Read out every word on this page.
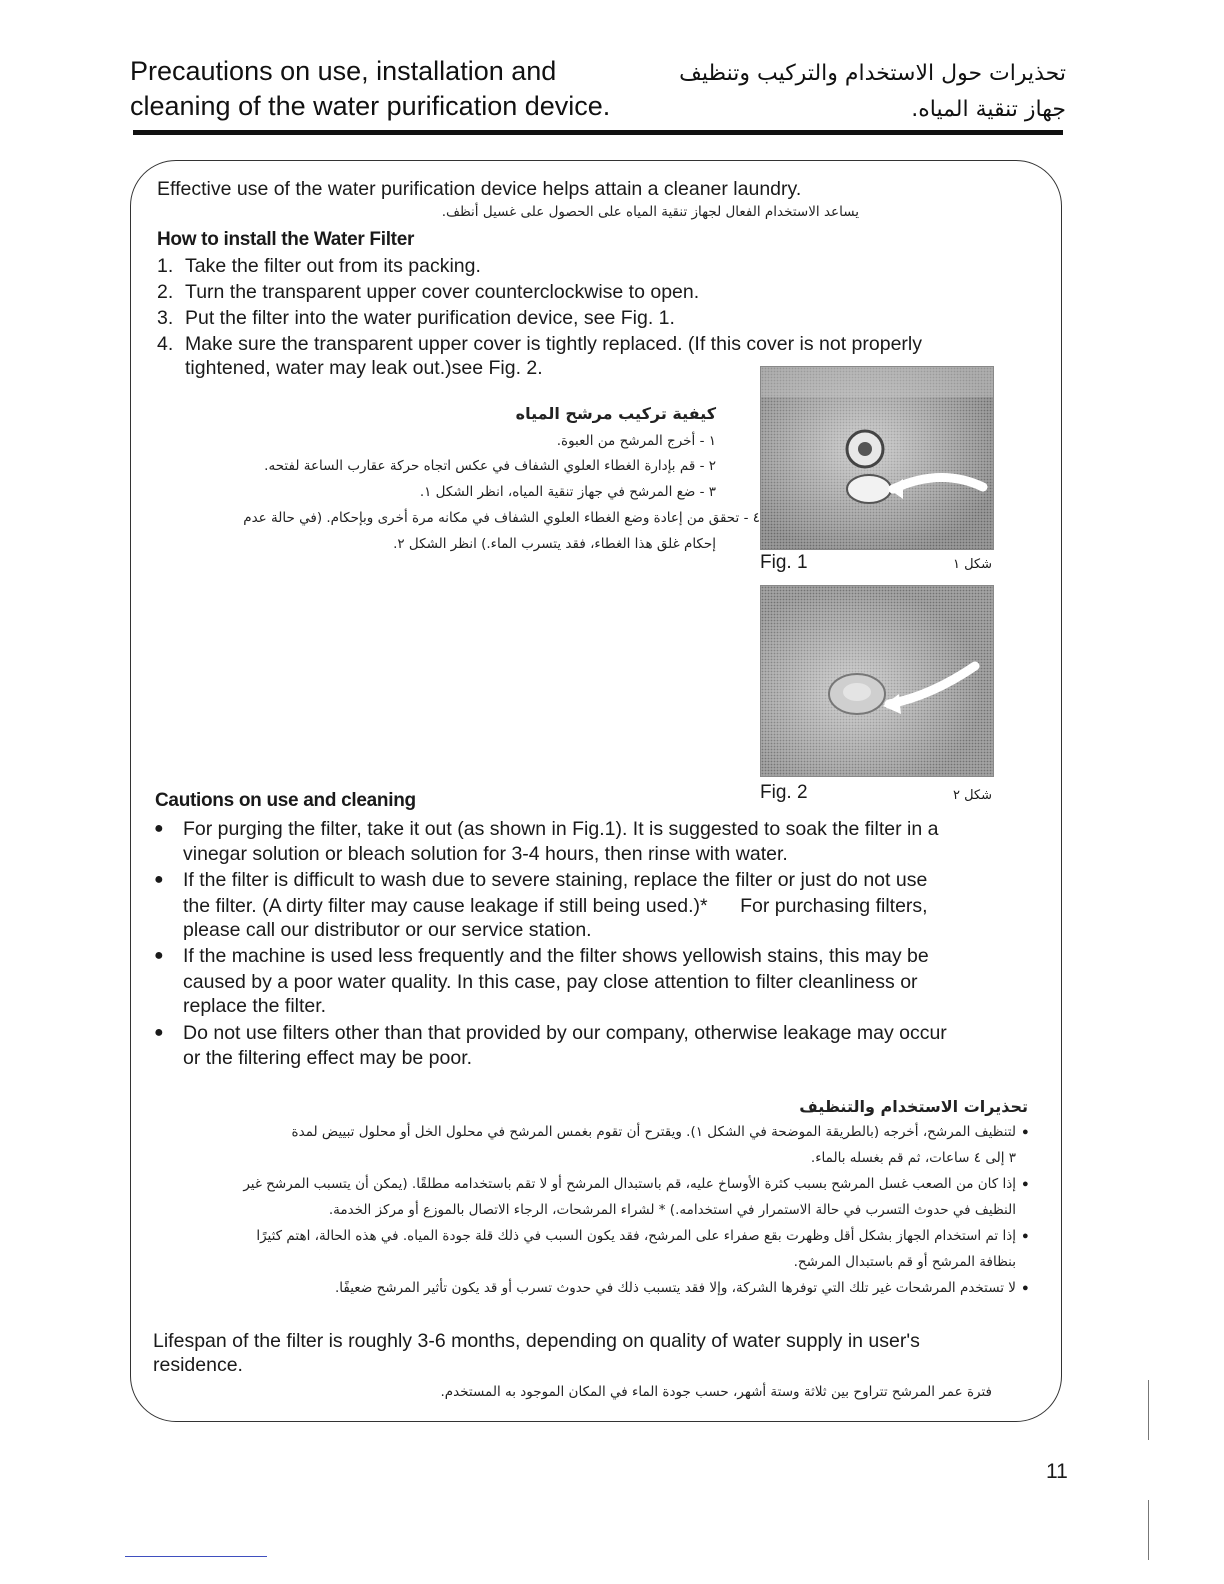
Precautions on use, installation and
cleaning of the water purification device.
تحذيرات حول الاستخدام والتركيب وتنظيف
جهاز تنقية المياه.
Effective use of the water purification device helps attain a cleaner laundry.
يساعد الاستخدام الفعال لجهاز تنقية المياه على الحصول على غسيل أنظف.
How to install the Water Filter
1. Take the filter out from its packing.
2. Turn the transparent upper cover counterclockwise to open.
3. Put the filter into the water purification device, see Fig. 1.
4. Make sure the transparent upper cover is tightly replaced. (If this cover is not properly
tightened, water may leak out.)see Fig. 2.
كيفية تركيب مرشح المياه
١ - أخرج المرشح من العبوة.
٢ - قم بإدارة الغطاء العلوي الشفاف في عكس اتجاه حركة عقارب الساعة لفتحه.
٣ - ضع المرشح في جهاز تنقية المياه، انظر الشكل ١.
٤ - تحقق من إعادة وضع الغطاء العلوي الشفاف في مكانه مرة أخرى وبإحكام. (في حالة عدم
إحكام غلق هذا الغطاء، فقد يتسرب الماء.) انظر الشكل ٢.
Fig. 1	شكل ١
Fig. 2	شكل ٢
Cautions on use and cleaning
● For purging the filter, take it out (as shown in Fig.1). It is suggested to soak the filter in a
vinegar solution or bleach solution for 3-4 hours, then rinse with water.
● If the filter is difficult to wash due to severe staining, replace the filter or just do not use
the filter. (A dirty filter may cause leakage if still being used.)*      For purchasing filters,
please call our distributor or our service station.
● If the machine is used less frequently and the filter shows yellowish stains, this may be
caused by a poor water quality. In this case, pay close attention to filter cleanliness or
replace the filter.
● Do not use filters other than that provided by our company, otherwise leakage may occur
or the filtering effect may be poor.
تحذيرات الاستخدام والتنظيف
●
لتنظيف المرشح، أخرجه (بالطريقة الموضحة في الشكل ١). ويقترح أن تقوم بغمس المرشح في محلول الخل أو محلول تبييض لمدة
٣ إلى ٤ ساعات، ثم قم بغسله بالماء.
●
إذا كان من الصعب غسل المرشح بسبب كثرة الأوساخ عليه، قم باستبدال المرشح أو لا تقم باستخدامه مطلقًا. (يمكن أن يتسبب المرشح غير
النظيف في حدوث التسرب في حالة الاستمرار في استخدامه.) * لشراء المرشحات، الرجاء الاتصال بالموزع أو مركز الخدمة.
●
إذا تم استخدام الجهاز بشكل أقل وظهرت بقع صفراء على المرشح، فقد يكون السبب في ذلك قلة جودة المياه. في هذه الحالة، اهتم كثيرًا
بنظافة المرشح أو قم باستبدال المرشح.
●
لا تستخدم المرشحات غير تلك التي توفرها الشركة، وإلا فقد يتسبب ذلك في حدوث تسرب أو قد يكون تأثير المرشح ضعيفًا.
Lifespan of the filter is roughly 3-6 months, depending on quality of water supply in user's
residence.
فترة عمر المرشح تتراوح بين ثلاثة وستة أشهر، حسب جودة الماء في المكان الموجود به المستخدم.
11
